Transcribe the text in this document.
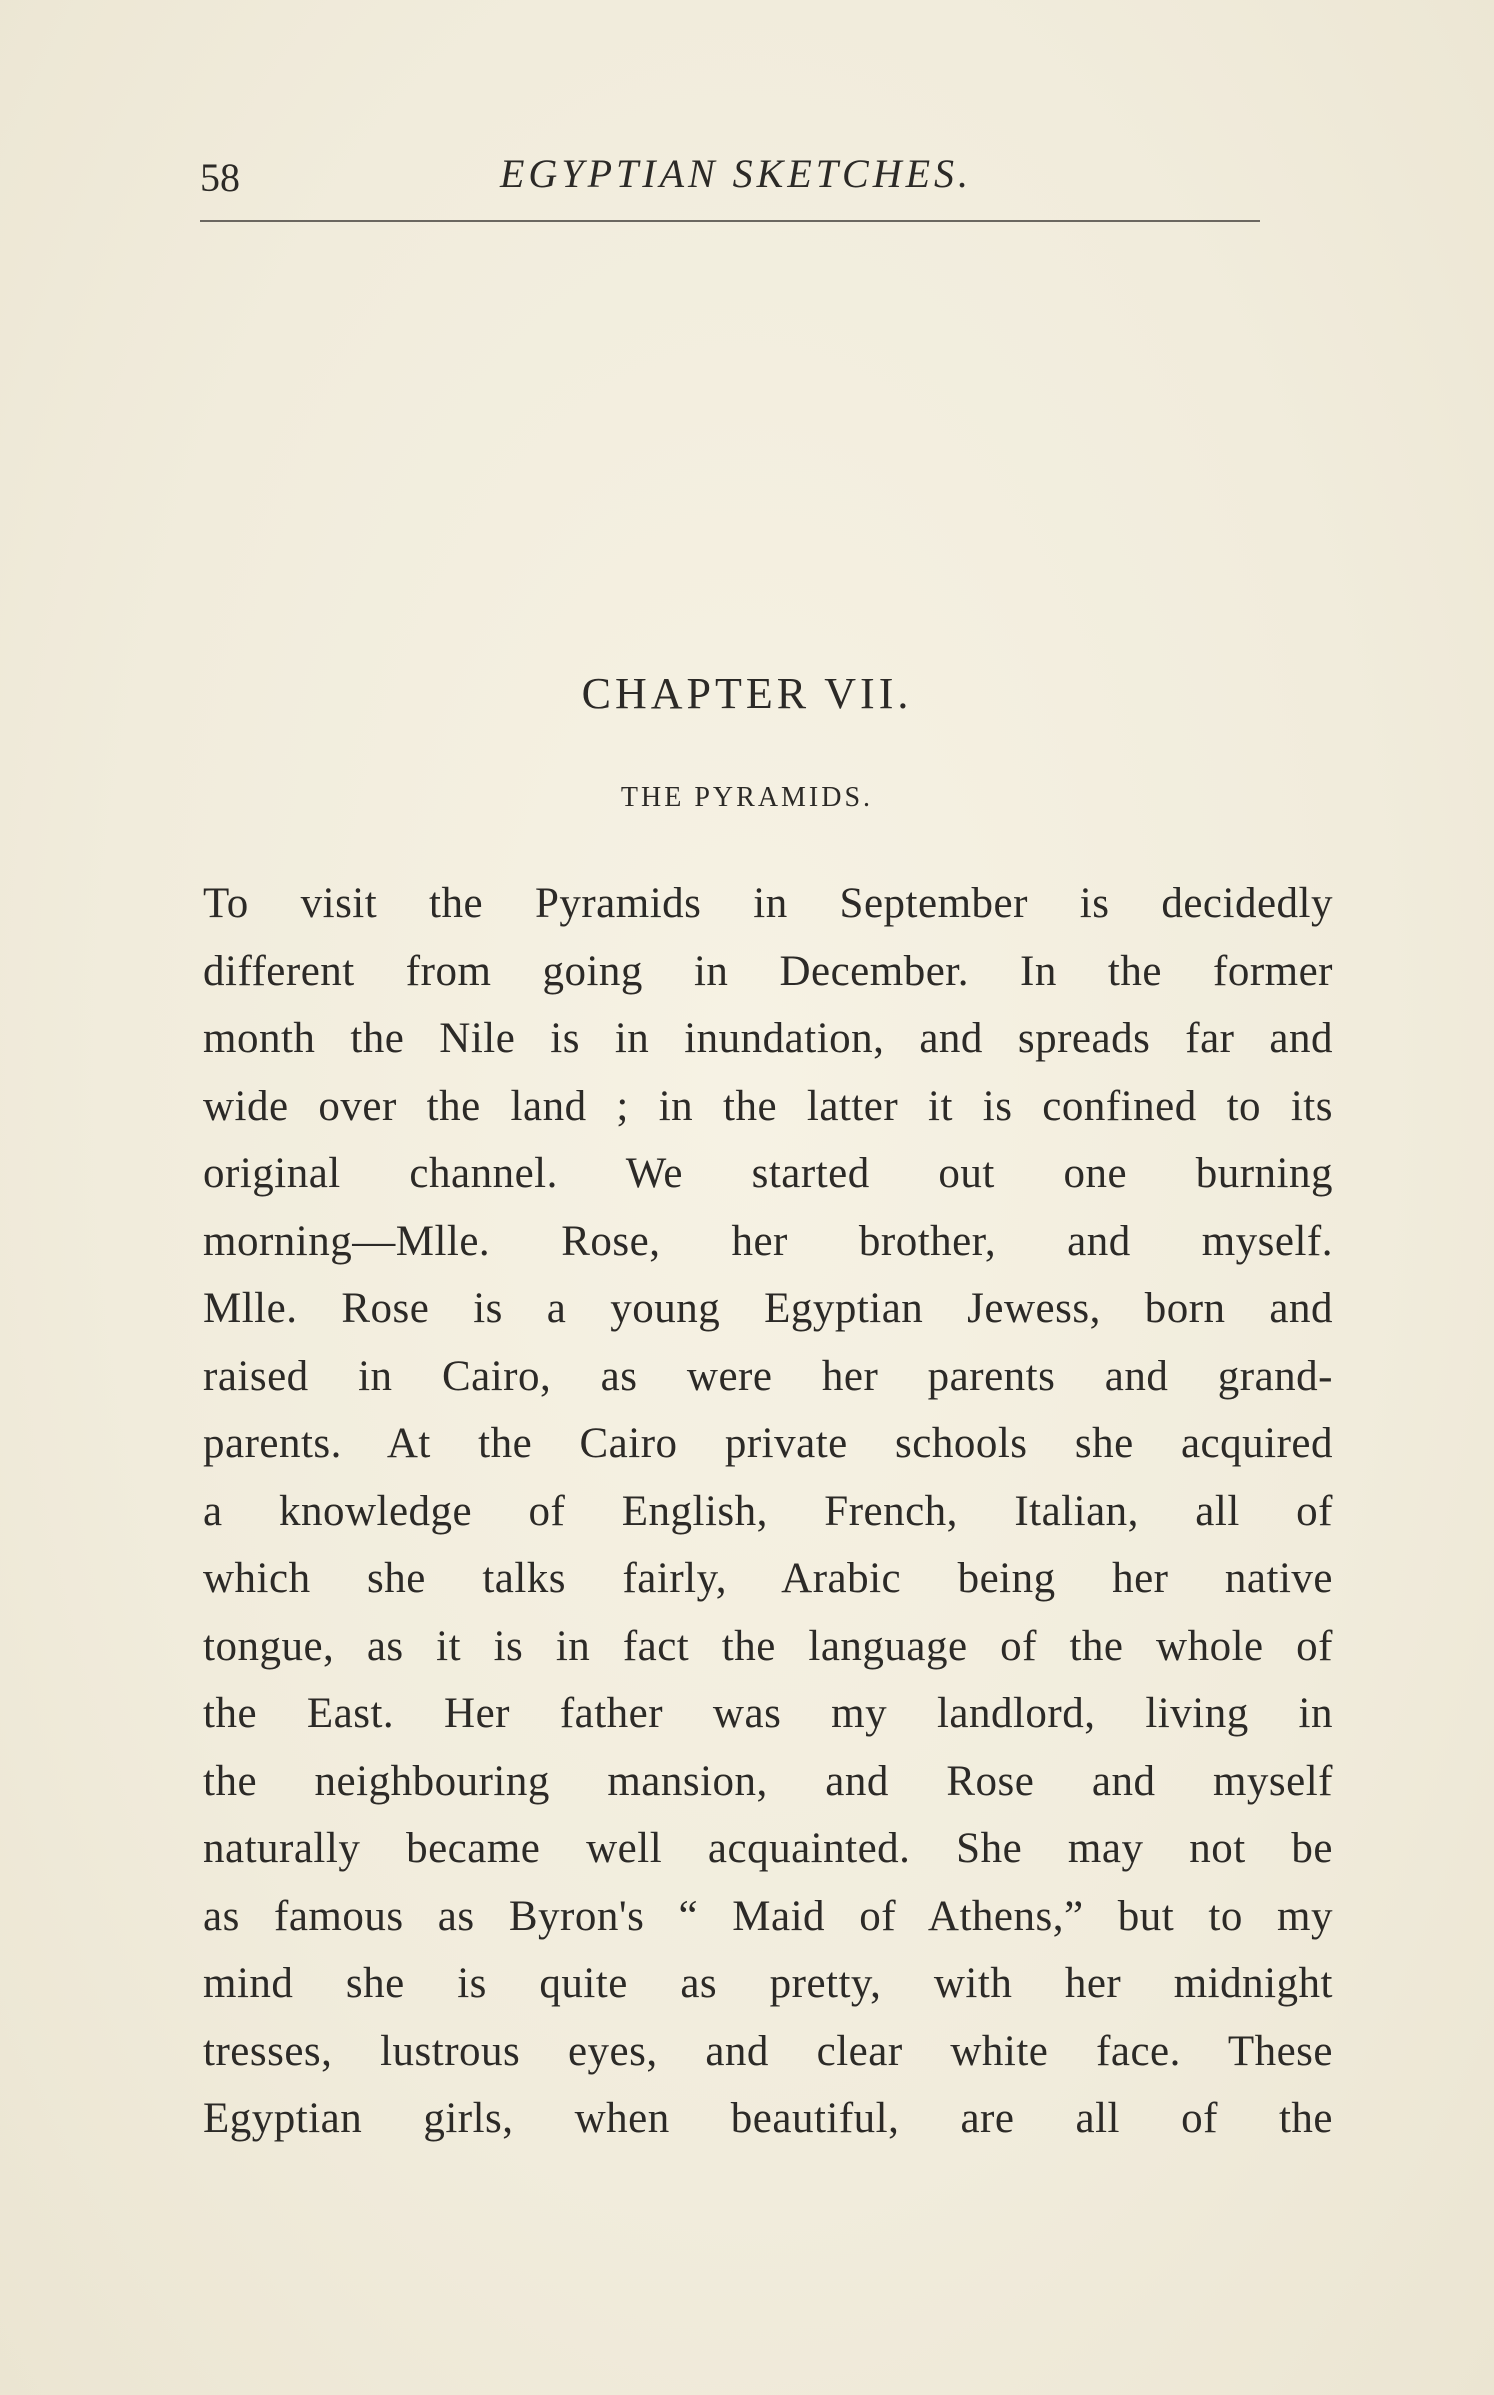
58	EGYPTIAN SKETCHES.
CHAPTER VII.
THE PYRAMIDS.
To visit the Pyramids in September is decidedly
different from going in December. In the former
month the Nile is in inundation, and spreads far and
wide over the land ; in the latter it is confined to its
original channel. We started out one burning
morning—Mlle. Rose, her brother, and myself.
Mlle. Rose is a young Egyptian Jewess, born and
raised in Cairo, as were her parents and grand-
parents. At the Cairo private schools she acquired
a knowledge of English, French, Italian, all of
which she talks fairly, Arabic being her native
tongue, as it is in fact the language of the whole of
the East. Her father was my landlord, living in
the neighbouring mansion, and Rose and myself
naturally became well acquainted. She may not be
as famous as Byron's “ Maid of Athens,” but to my
mind she is quite as pretty, with her midnight
tresses, lustrous eyes, and clear white face. These
Egyptian girls, when beautiful, are all of the
